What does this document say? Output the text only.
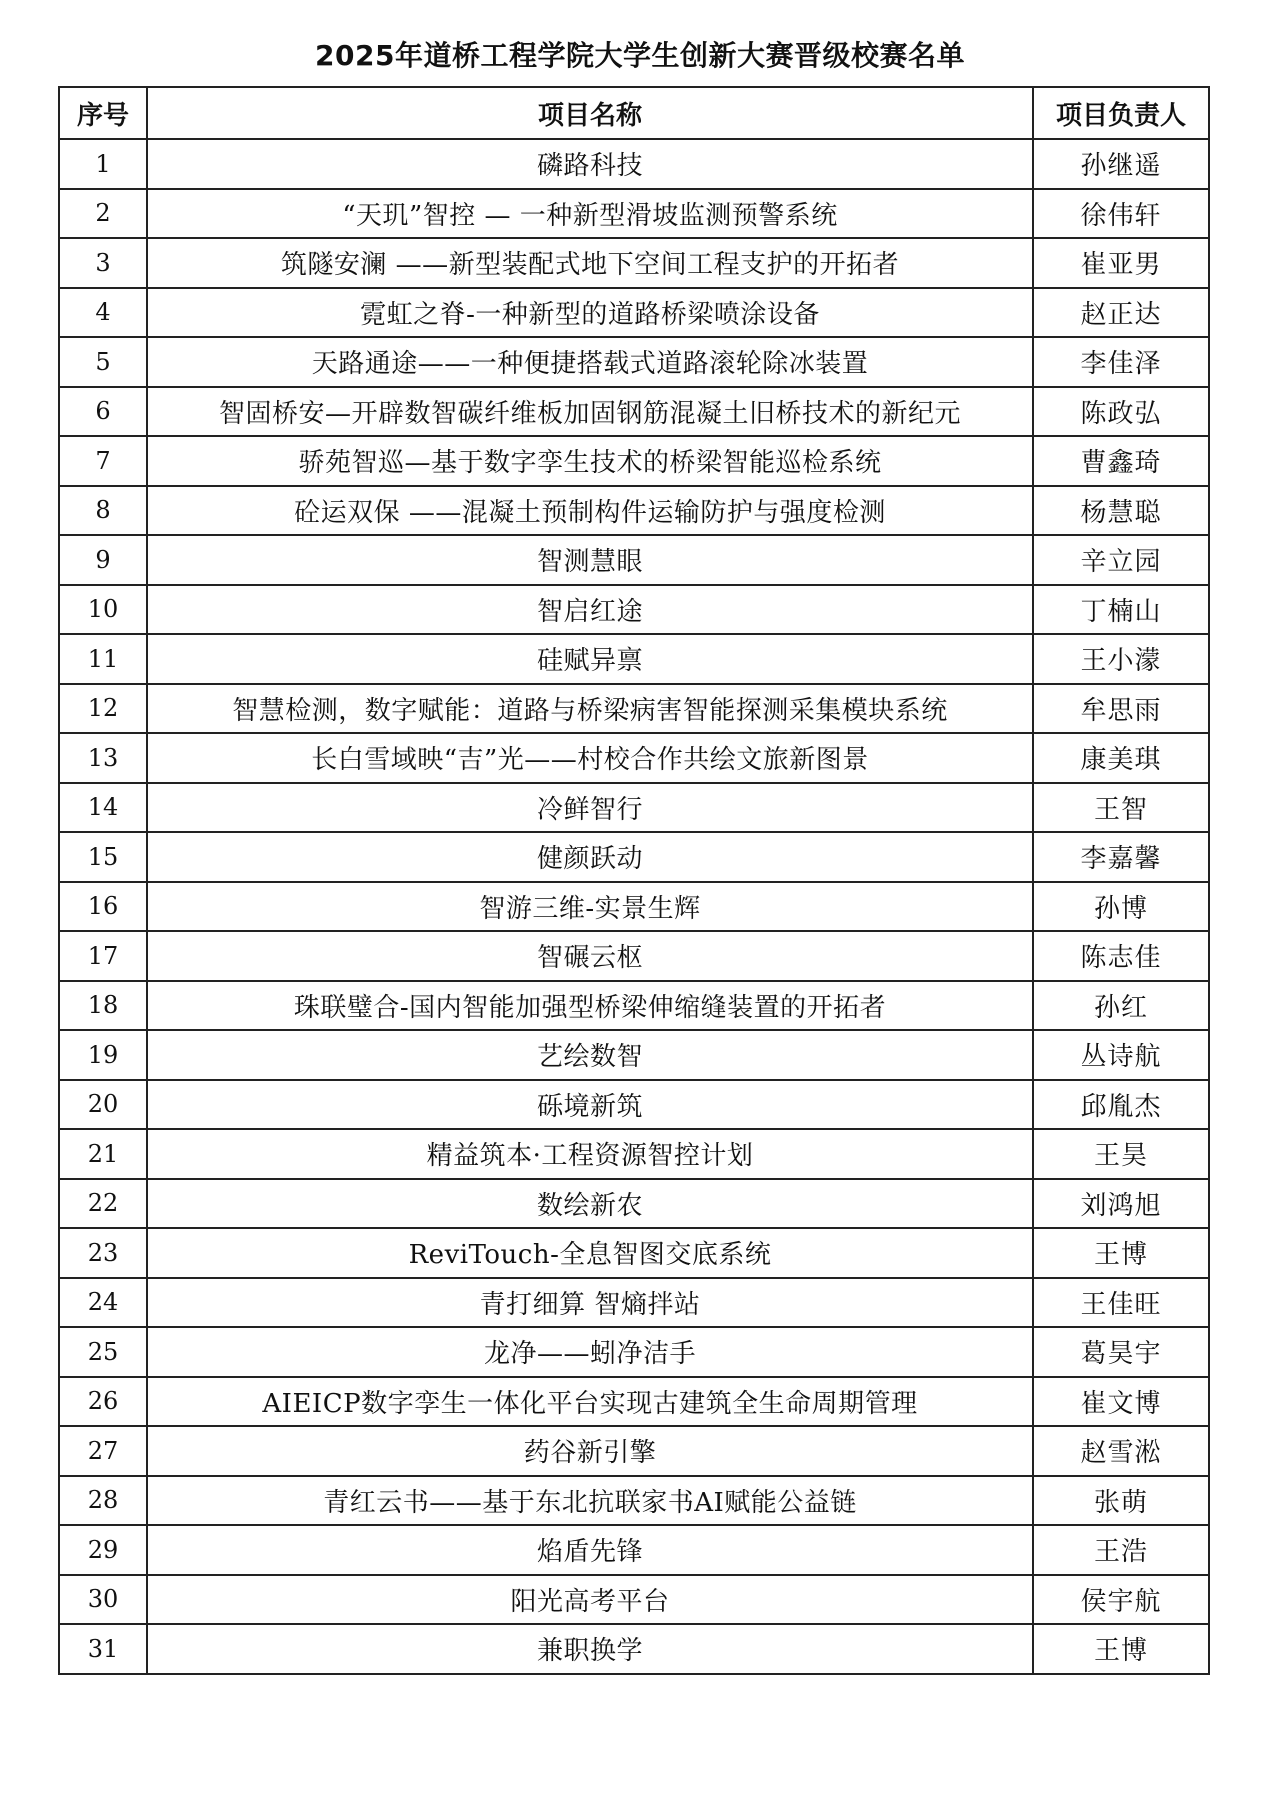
2025年道桥工程学院大学生创新大赛晋级校赛名单
序号	项目名称	项目负责人
1	磷路科技	孙继遥
2	“天玑”智控 — 一种新型滑坡监测预警系统	徐伟轩
3	筑隧安澜 ——新型装配式地下空间工程支护的开拓者	崔亚男
4	霓虹之脊-一种新型的道路桥梁喷涂设备	赵正达
5	天路通途——一种便捷搭载式道路滚轮除冰装置	李佳泽
6	智固桥安—开辟数智碳纤维板加固钢筋混凝土旧桥技术的新纪元	陈政弘
7	骄苑智巡—基于数字孪生技术的桥梁智能巡检系统	曹鑫琦
8	砼运双保 ——混凝土预制构件运输防护与强度检测	杨慧聪
9	智测慧眼	辛立园
10	智启红途	丁楠山
11	硅赋异禀	王小濛
12	智慧检测，数字赋能：道路与桥梁病害智能探测采集模块系统	牟思雨
13	长白雪域映“吉”光——村校合作共绘文旅新图景	康美琪
14	冷鲜智行	王智
15	健颜跃动	李嘉馨
16	智游三维-实景生辉	孙博
17	智碾云枢	陈志佳
18	珠联璧合-国内智能加强型桥梁伸缩缝装置的开拓者	孙红
19	艺绘数智	丛诗航
20	砾境新筑	邱胤杰
21	精益筑本·工程资源智控计划	王昊
22	数绘新农	刘鸿旭
23	ReviTouch-全息智图交底系统	王博
24	青打细算 智熵拌站	王佳旺
25	龙净——蚓净洁手	葛昊宇
26	AIEICP数字孪生一体化平台实现古建筑全生命周期管理	崔文博
27	药谷新引擎	赵雪淞
28	青红云书——基于东北抗联家书AI赋能公益链	张萌
29	焰盾先锋	王浩
30	阳光高考平台	侯宇航
31	兼职换学	王博
